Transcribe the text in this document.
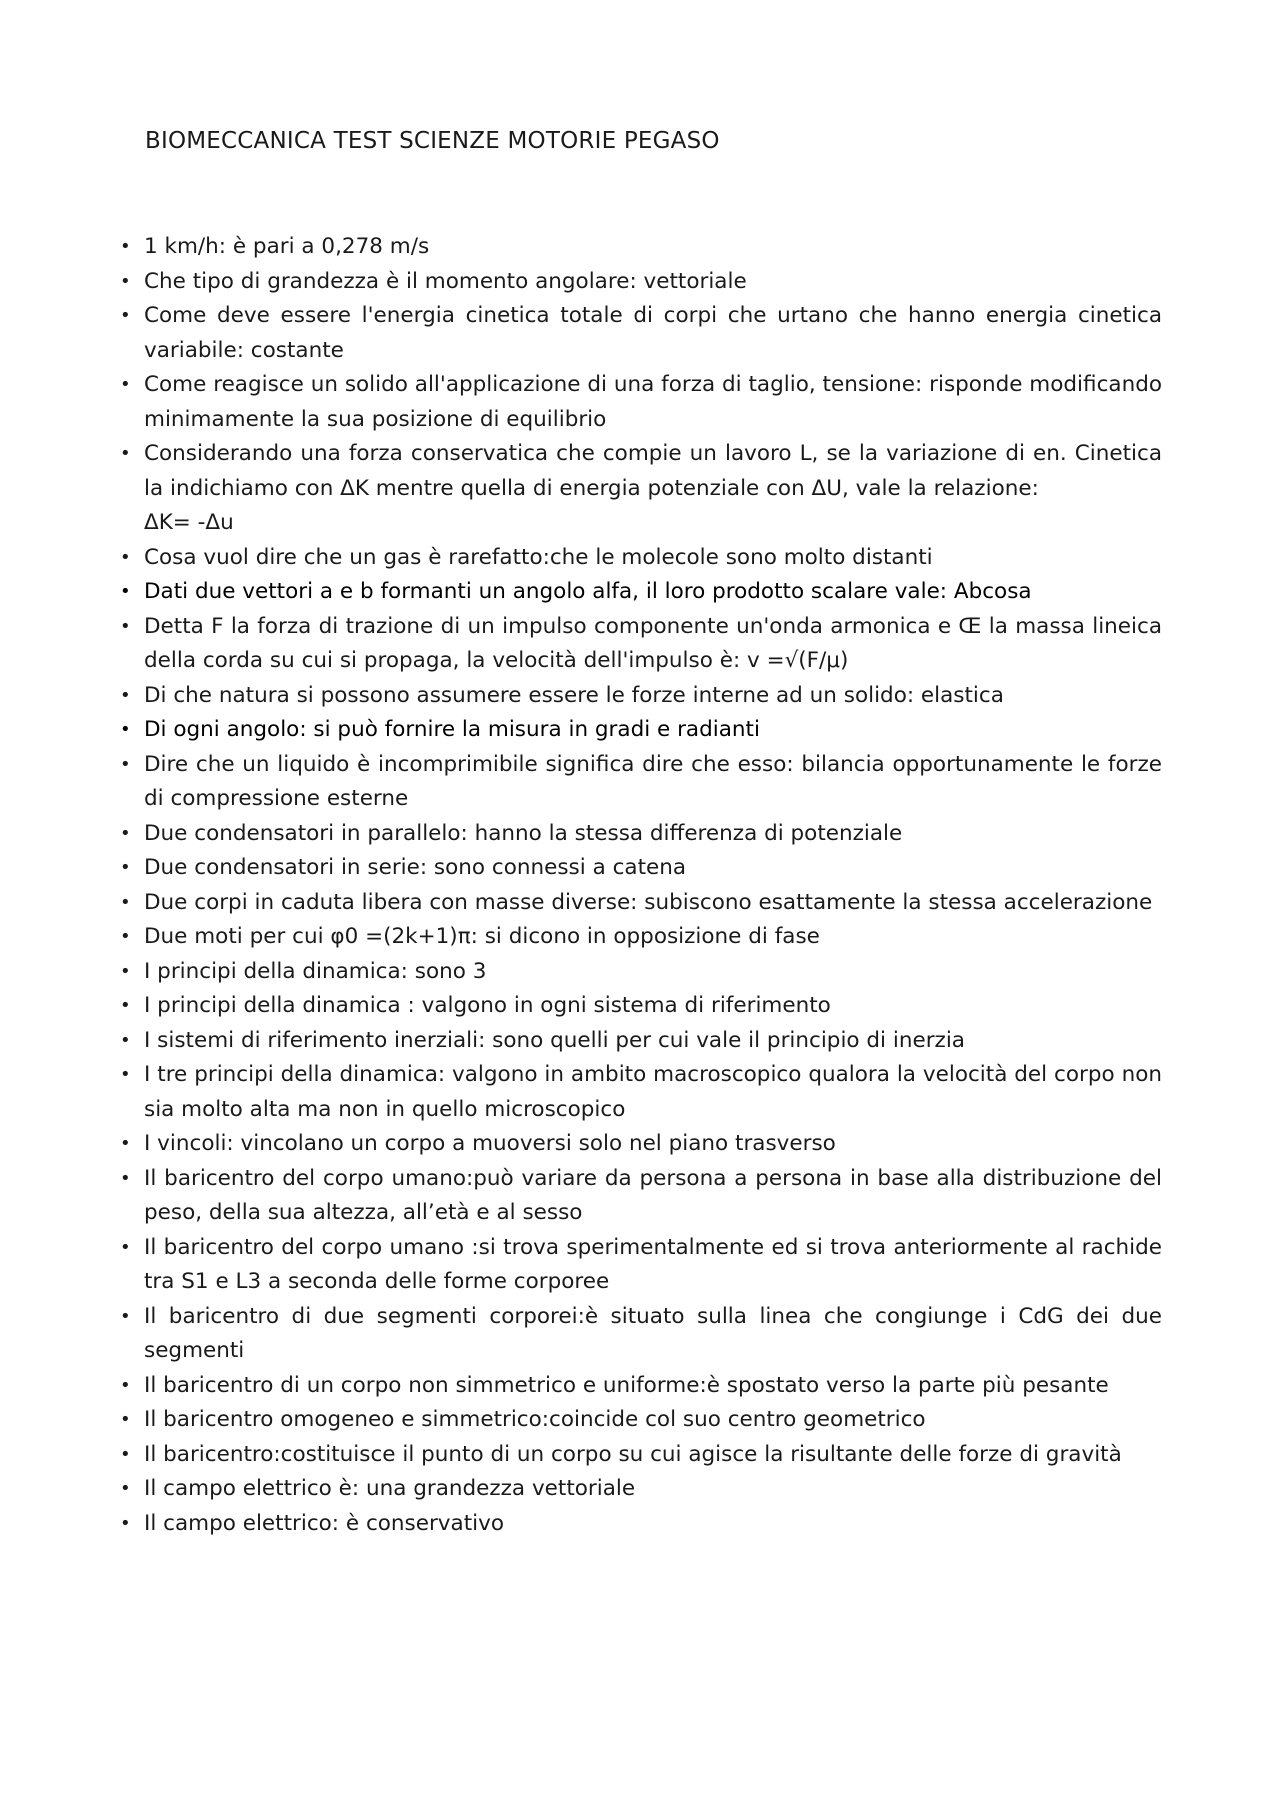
BIOMECCANICA TEST SCIENZE MOTORIE PEGASO
• 1 km/h: è pari a 0,278 m/s
• Che tipo di grandezza è il momento angolare: vettoriale
• Come deve essere l'energia cinetica totale di corpi che urtano che hanno energia cinetica variabile: costante
• Come reagisce un solido all'applicazione di una forza di taglio, tensione: risponde modificando minimamente la sua posizione di equilibrio
• Considerando una forza conservatica che compie un lavoro L, se la variazione di en. Cinetica la indichiamo con ΔK mentre quella di energia potenziale con ΔU, vale la relazione:
ΔK= -Δu
• Cosa vuol dire che un gas è rarefatto:che le molecole sono molto distanti
• Dati due vettori a e b formanti un angolo alfa, il loro prodotto scalare vale: Abcosa
• Detta F la forza di trazione di un impulso componente un'onda armonica e Œ la massa lineica della corda su cui si propaga, la velocità dell'impulso è: v =√(F/μ)
• Di che natura si possono assumere essere le forze interne ad un solido: elastica
• Di ogni angolo: si può fornire la misura in gradi e radianti
• Dire che un liquido è incomprimibile significa dire che esso: bilancia opportunamente le forze di compressione esterne
• Due condensatori in parallelo: hanno la stessa differenza di potenziale
• Due condensatori in serie: sono connessi a catena
• Due corpi in caduta libera con masse diverse: subiscono esattamente la stessa accelerazione
• Due moti per cui φ0 =(2k+1)π: si dicono in opposizione di fase
• I principi della dinamica: sono 3
• I principi della dinamica : valgono in ogni sistema di riferimento
• I sistemi di riferimento inerziali: sono quelli per cui vale il principio di inerzia
• I tre principi della dinamica: valgono in ambito macroscopico qualora la velocità del corpo non sia molto alta ma non in quello microscopico
• I vincoli: vincolano un corpo a muoversi solo nel piano trasverso
• Il baricentro del corpo umano:può variare da persona a persona in base alla distribuzione del peso, della sua altezza, all’età e al sesso
• Il baricentro del corpo umano :si trova sperimentalmente ed si trova anteriormente al rachide tra S1 e L3 a seconda delle forme corporee
• Il baricentro di due segmenti corporei:è situato sulla linea che congiunge i CdG dei due segmenti
• Il baricentro di un corpo non simmetrico e uniforme:è spostato verso la parte più pesante
• Il baricentro omogeneo e simmetrico:coincide col suo centro geometrico
• Il baricentro:costituisce il punto di un corpo su cui agisce la risultante delle forze di gravità
• Il campo elettrico è: una grandezza vettoriale
• Il campo elettrico: è conservativo
